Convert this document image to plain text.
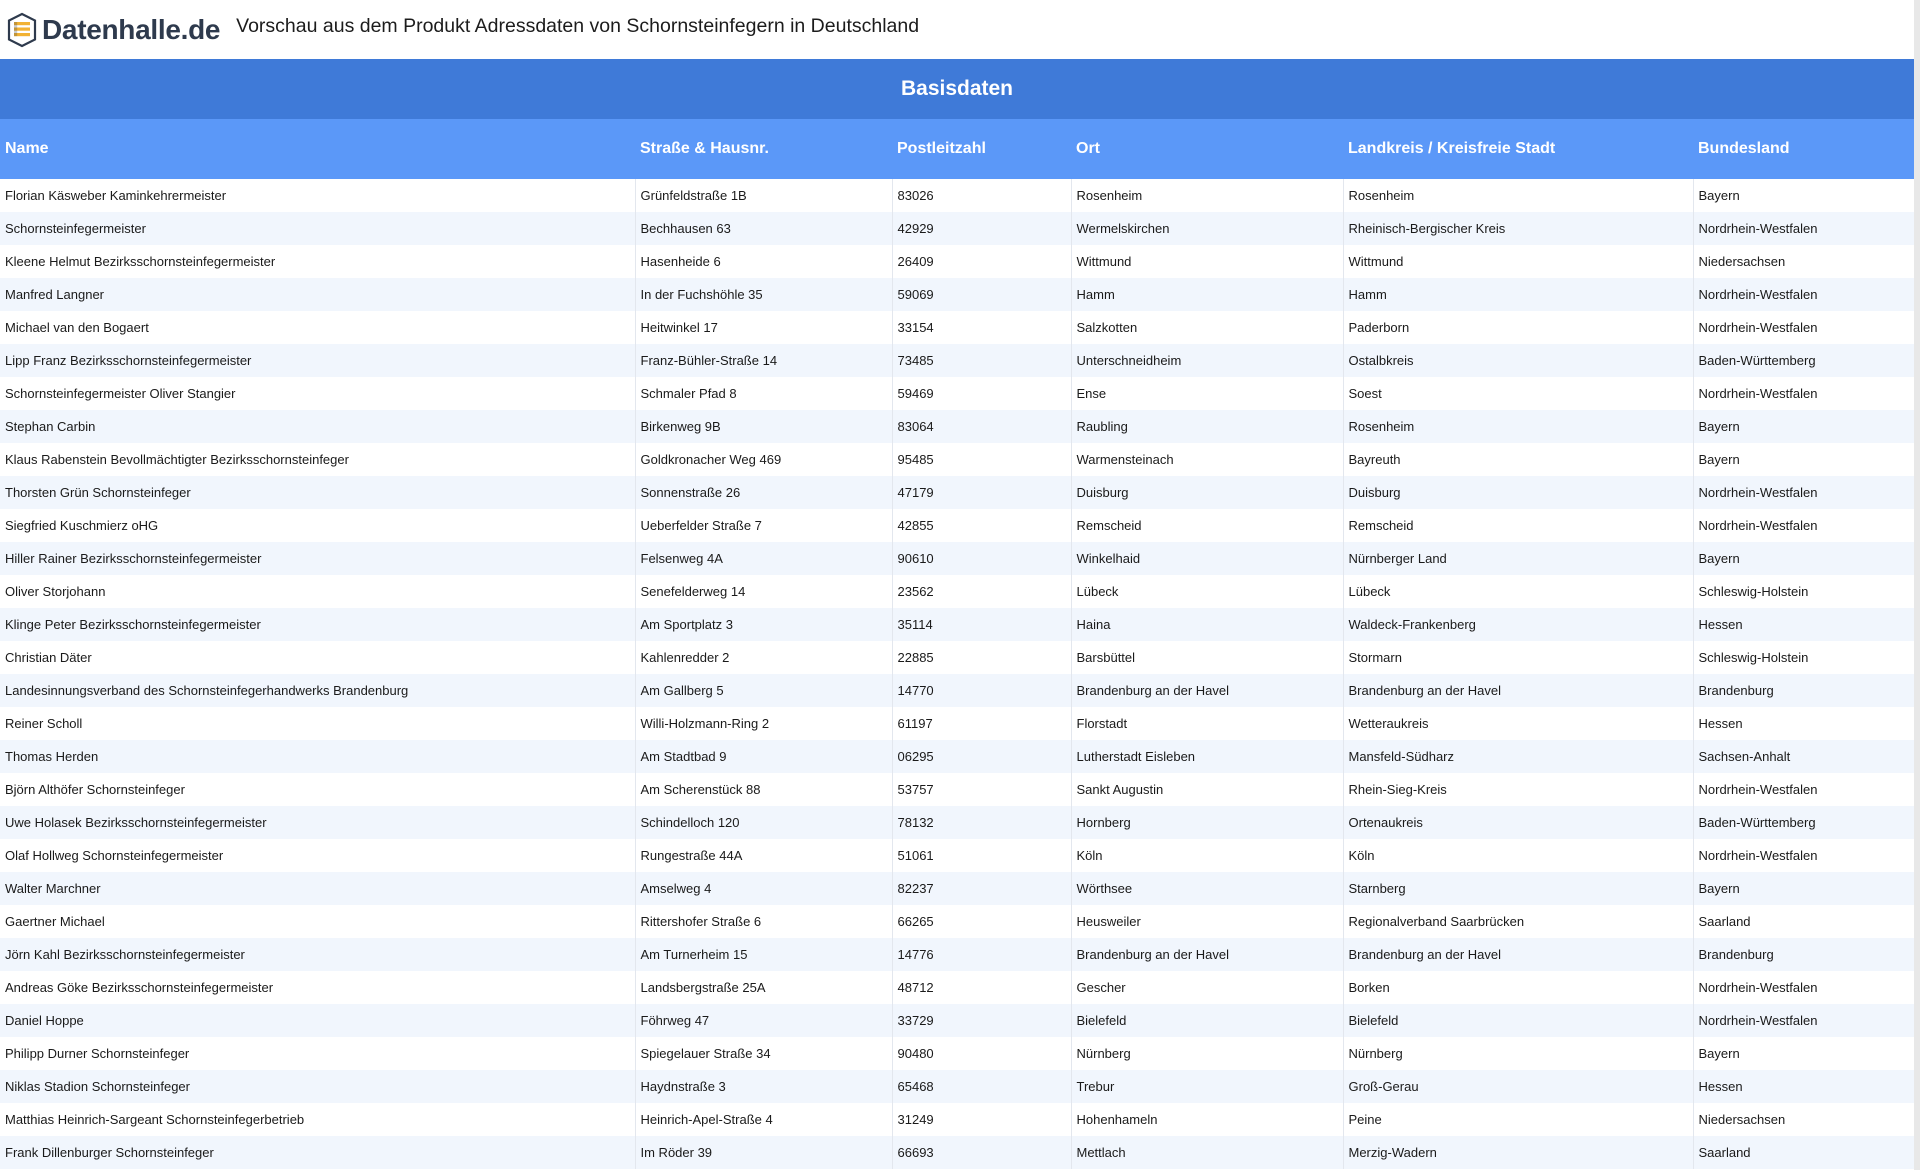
Datenhalle.de Vorschau aus dem Produkt Adressdaten von Schornsteinfegern in Deutschland
Basisdaten
Name	Straße & Hausnr.	Postleitzahl	Ort	Landkreis / Kreisfreie Stadt	Bundesland
Florian Käsweber Kaminkehrermeister	Grünfeldstraße 1B	83026	Rosenheim	Rosenheim	Bayern
Schornsteinfegermeister	Bechhausen 63	42929	Wermelskirchen	Rheinisch-Bergischer Kreis	Nordrhein-Westfalen
Kleene Helmut Bezirksschornsteinfegermeister	Hasenheide 6	26409	Wittmund	Wittmund	Niedersachsen
Manfred Langner	In der Fuchshöhle 35	59069	Hamm	Hamm	Nordrhein-Westfalen
Michael van den Bogaert	Heitwinkel 17	33154	Salzkotten	Paderborn	Nordrhein-Westfalen
Lipp Franz Bezirksschornsteinfegermeister	Franz-Bühler-Straße 14	73485	Unterschneidheim	Ostalbkreis	Baden-Württemberg
Schornsteinfegermeister Oliver Stangier	Schmaler Pfad 8	59469	Ense	Soest	Nordrhein-Westfalen
Stephan Carbin	Birkenweg 9B	83064	Raubling	Rosenheim	Bayern
Klaus Rabenstein Bevollmächtigter Bezirksschornsteinfeger	Goldkronacher Weg 469	95485	Warmensteinach	Bayreuth	Bayern
Thorsten Grün Schornsteinfeger	Sonnenstraße 26	47179	Duisburg	Duisburg	Nordrhein-Westfalen
Siegfried Kuschmierz oHG	Ueberfelder Straße 7	42855	Remscheid	Remscheid	Nordrhein-Westfalen
Hiller Rainer Bezirksschornsteinfegermeister	Felsenweg 4A	90610	Winkelhaid	Nürnberger Land	Bayern
Oliver Storjohann	Senefelderweg 14	23562	Lübeck	Lübeck	Schleswig-Holstein
Klinge Peter Bezirksschornsteinfegermeister	Am Sportplatz 3	35114	Haina	Waldeck-Frankenberg	Hessen
Christian Däter	Kahlenredder 2	22885	Barsbüttel	Stormarn	Schleswig-Holstein
Landesinnungsverband des Schornsteinfegerhandwerks Brandenburg	Am Gallberg 5	14770	Brandenburg an der Havel	Brandenburg an der Havel	Brandenburg
Reiner Scholl	Willi-Holzmann-Ring 2	61197	Florstadt	Wetteraukreis	Hessen
Thomas Herden	Am Stadtbad 9	06295	Lutherstadt Eisleben	Mansfeld-Südharz	Sachsen-Anhalt
Björn Althöfer Schornsteinfeger	Am Scherenstück 88	53757	Sankt Augustin	Rhein-Sieg-Kreis	Nordrhein-Westfalen
Uwe Holasek Bezirksschornsteinfegermeister	Schindelloch 120	78132	Hornberg	Ortenaukreis	Baden-Württemberg
Olaf Hollweg Schornsteinfegermeister	Rungestraße 44A	51061	Köln	Köln	Nordrhein-Westfalen
Walter Marchner	Amselweg 4	82237	Wörthsee	Starnberg	Bayern
Gaertner Michael	Rittershofer Straße 6	66265	Heusweiler	Regionalverband Saarbrücken	Saarland
Jörn Kahl Bezirksschornsteinfegermeister	Am Turnerheim 15	14776	Brandenburg an der Havel	Brandenburg an der Havel	Brandenburg
Andreas Göke Bezirksschornsteinfegermeister	Landsbergstraße 25A	48712	Gescher	Borken	Nordrhein-Westfalen
Daniel Hoppe	Föhrweg 47	33729	Bielefeld	Bielefeld	Nordrhein-Westfalen
Philipp Durner Schornsteinfeger	Spiegelauer Straße 34	90480	Nürnberg	Nürnberg	Bayern
Niklas Stadion Schornsteinfeger	Haydnstraße 3	65468	Trebur	Groß-Gerau	Hessen
Matthias Heinrich-Sargeant Schornsteinfegerbetrieb	Heinrich-Apel-Straße 4	31249	Hohenhameln	Peine	Niedersachsen
Frank Dillenburger Schornsteinfeger	Im Röder 39	66693	Mettlach	Merzig-Wadern	Saarland
